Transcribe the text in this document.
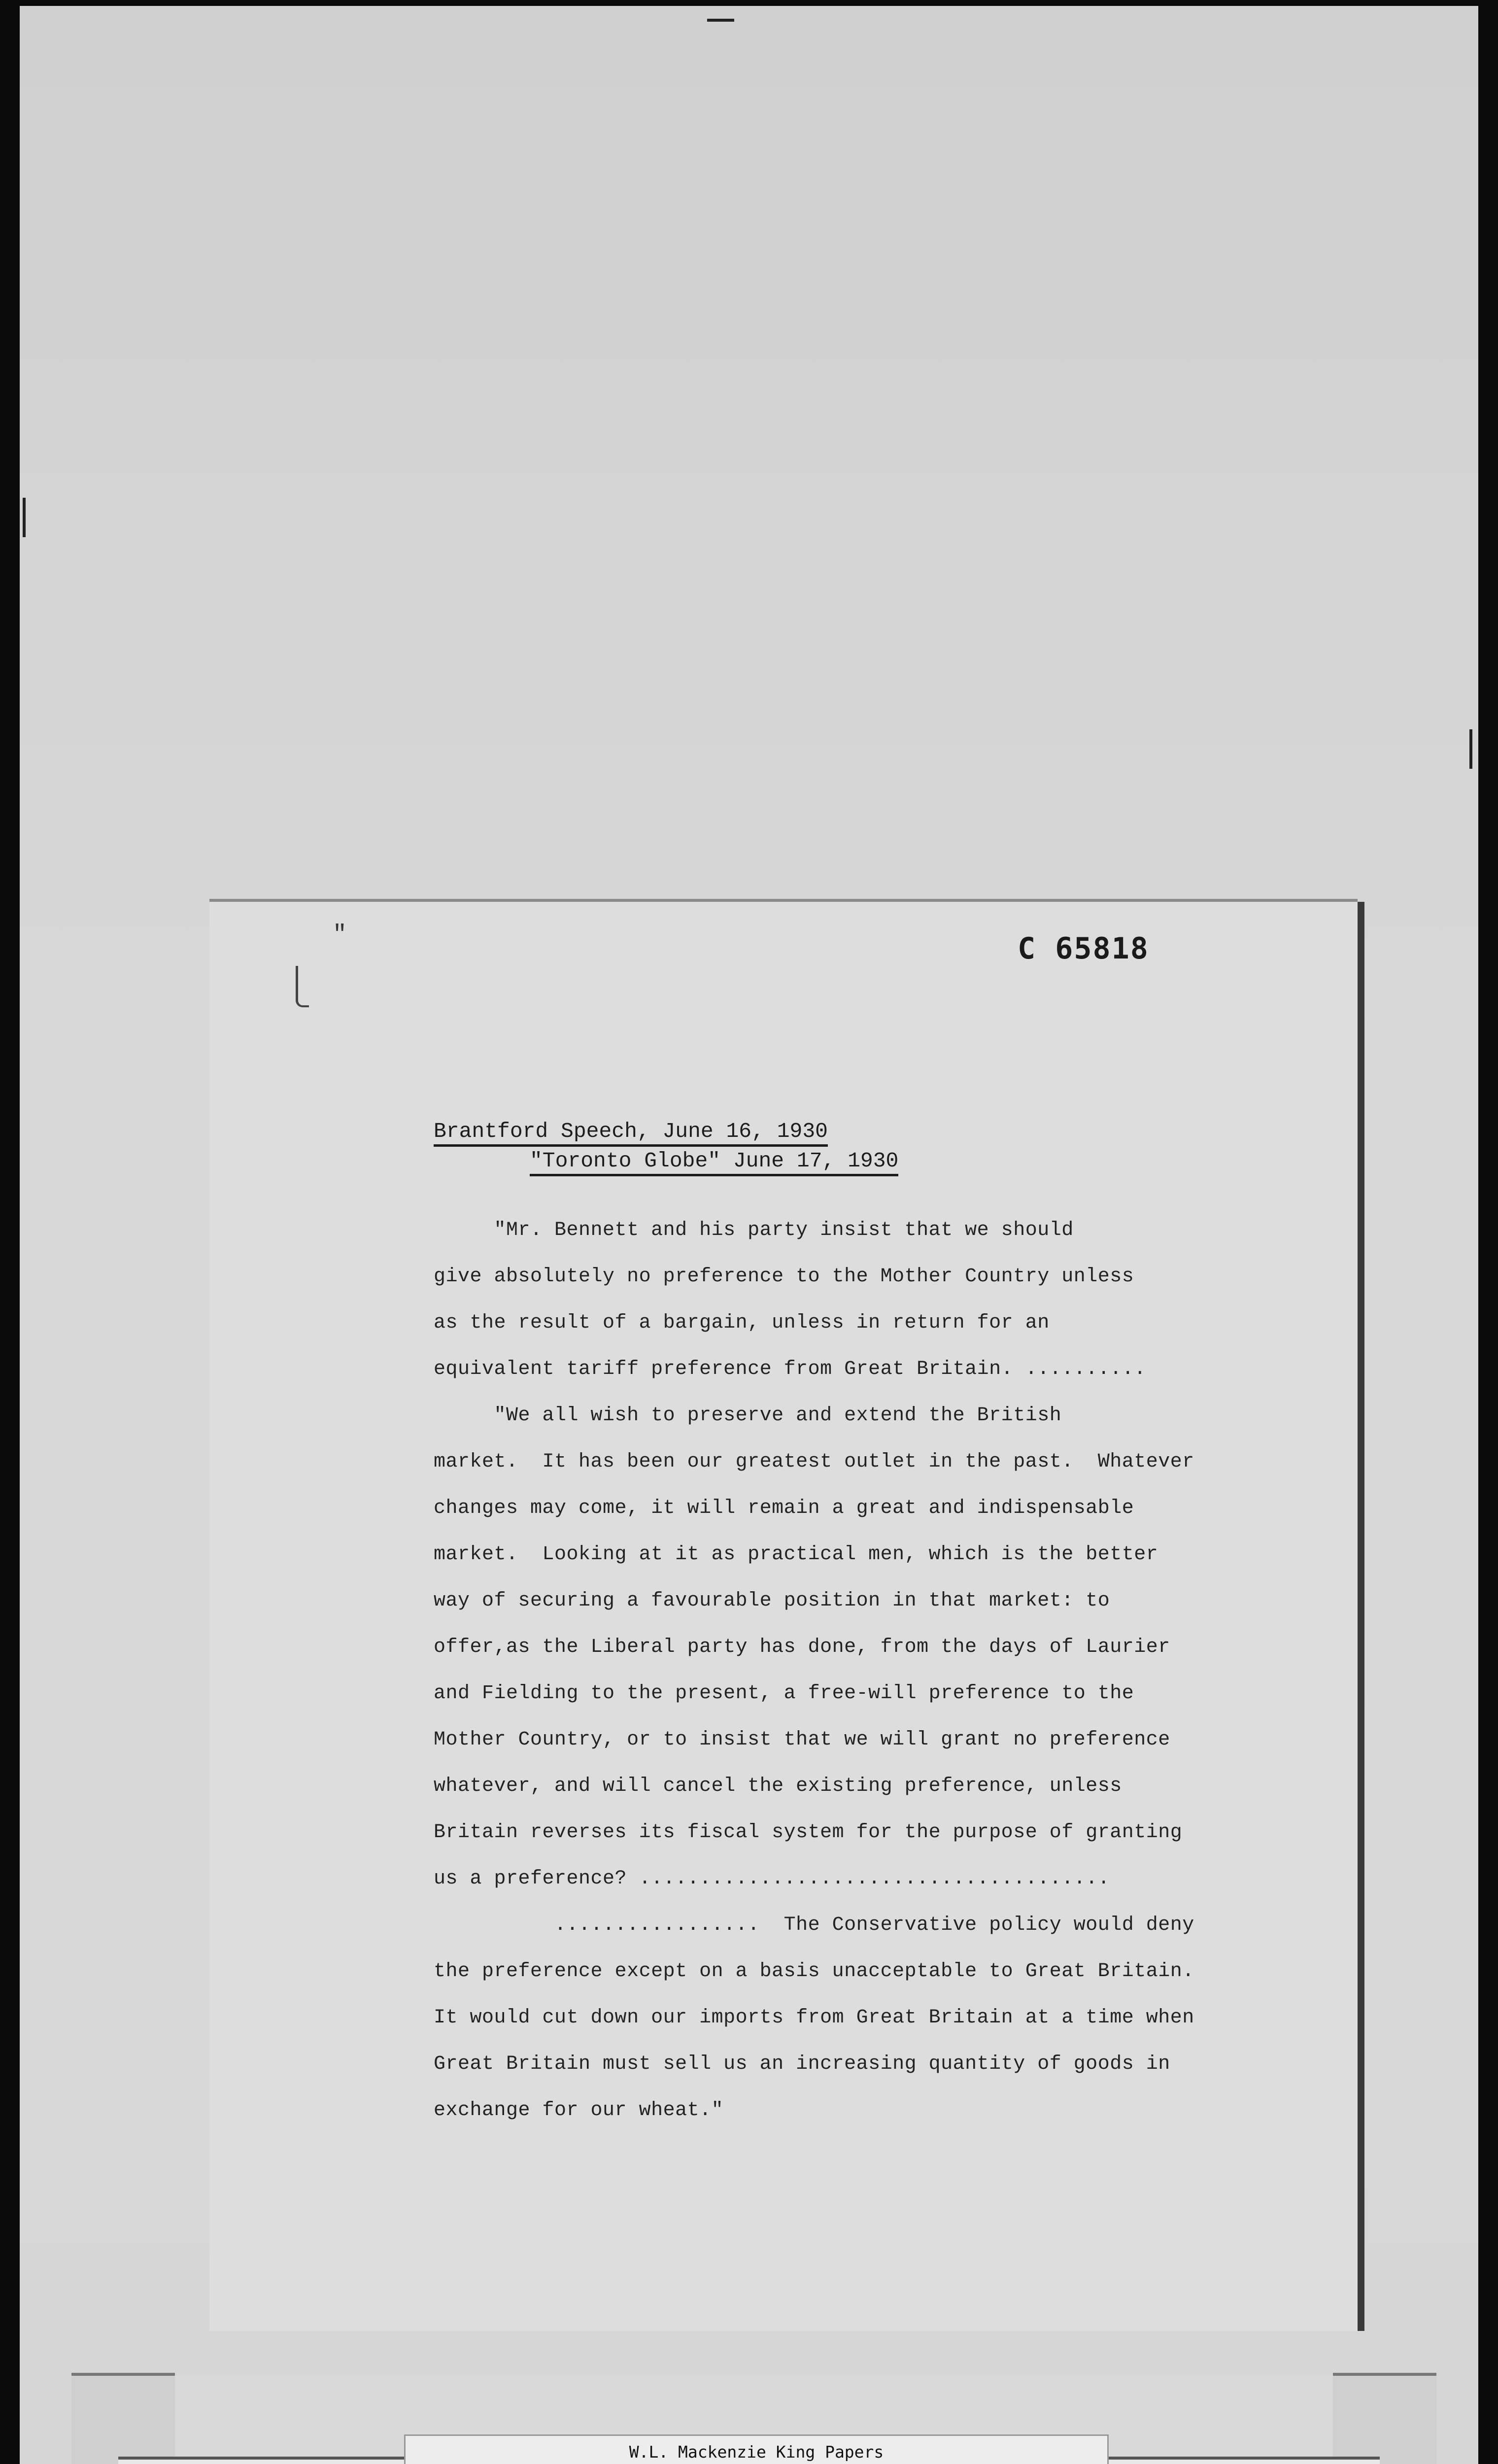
"	C 65818
Brantford Speech, June 16, 1930
"Toronto Globe" June 17, 1930
"Mr. Bennett and his party insist that we should
give absolutely no preference to the Mother Country unless
as the result of a bargain, unless in return for an
equivalent tariff preference from Great Britain. ..........
"We all wish to preserve and extend the British
market.  It has been our greatest outlet in the past.  Whatever
changes may come, it will remain a great and indispensable
market.  Looking at it as practical men, which is the better
way of securing a favourable position in that market: to
offer,as the Liberal party has done, from the days of Laurier
and Fielding to the present, a free-will preference to the
Mother Country, or to insist that we will grant no preference
whatever, and will cancel the existing preference, unless
Britain reverses its fiscal system for the purpose of granting
us a preference? .......................................
.................  The Conservative policy would deny
the preference except on a basis unacceptable to Great Britain.
It would cut down our imports from Great Britain at a time when
Great Britain must sell us an increasing quantity of goods in
exchange for our wheat."
W.L. Mackenzie King Papers
